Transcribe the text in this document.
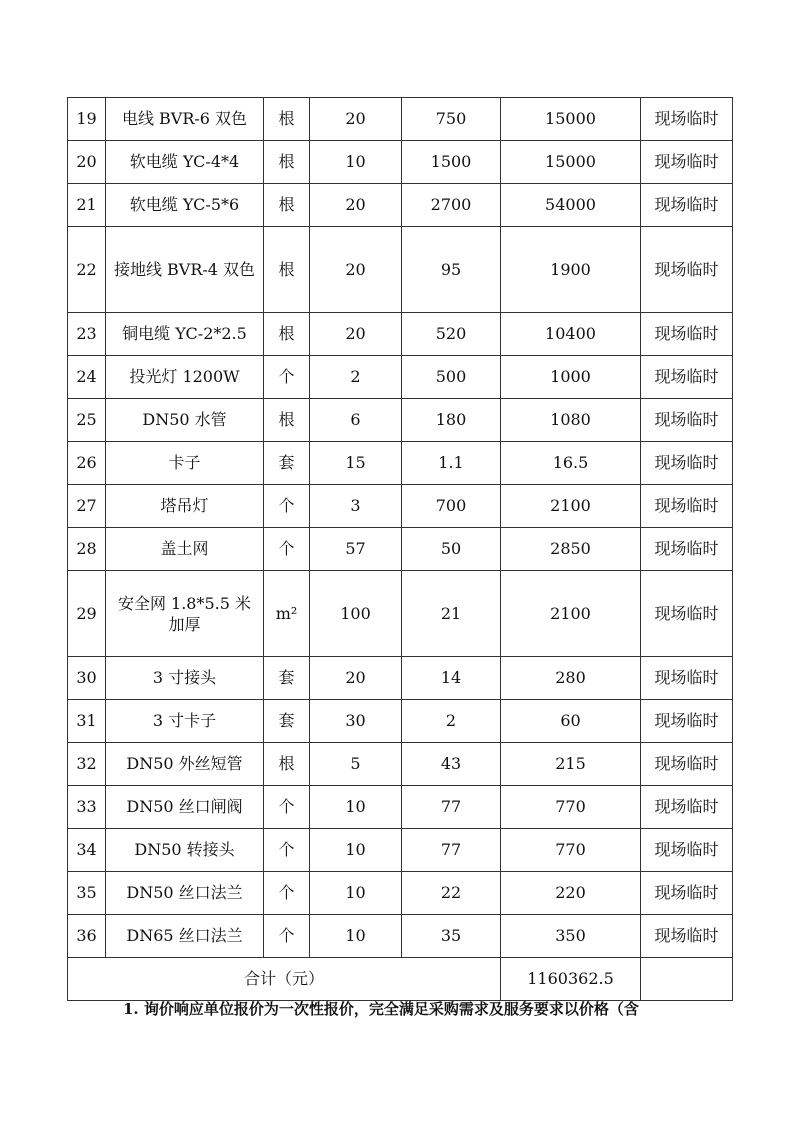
19	电线 BVR-6 双色	根	20	750	15000	现场临时
20	软电缆 YC-4*4	根	10	1500	15000	现场临时
21	软电缆 YC-5*6	根	20	2700	54000	现场临时
22	接地线 BVR-4 双色	根	20	95	1900	现场临时
23	铜电缆 YC-2*2.5	根	20	520	10400	现场临时
24	投光灯 1200W	个	2	500	1000	现场临时
25	DN50 水管	根	6	180	1080	现场临时
26	卡子	套	15	1.1	16.5	现场临时
27	塔吊灯	个	3	700	2100	现场临时
28	盖土网	个	57	50	2850	现场临时
29	安全网 1.8*5.5 米加厚	m²	100	21	2100	现场临时
30	3 寸接头	套	20	14	280	现场临时
31	3 寸卡子	套	30	2	60	现场临时
32	DN50 外丝短管	根	5	43	215	现场临时
33	DN50 丝口闸阀	个	10	77	770	现场临时
34	DN50 转接头	个	10	77	770	现场临时
35	DN50 丝口法兰	个	10	22	220	现场临时
36	DN65 丝口法兰	个	10	35	350	现场临时
合计（元）					1160362.5	
1. 询价响应单位报价为一次性报价，完全满足采购需求及服务要求以价格（含
